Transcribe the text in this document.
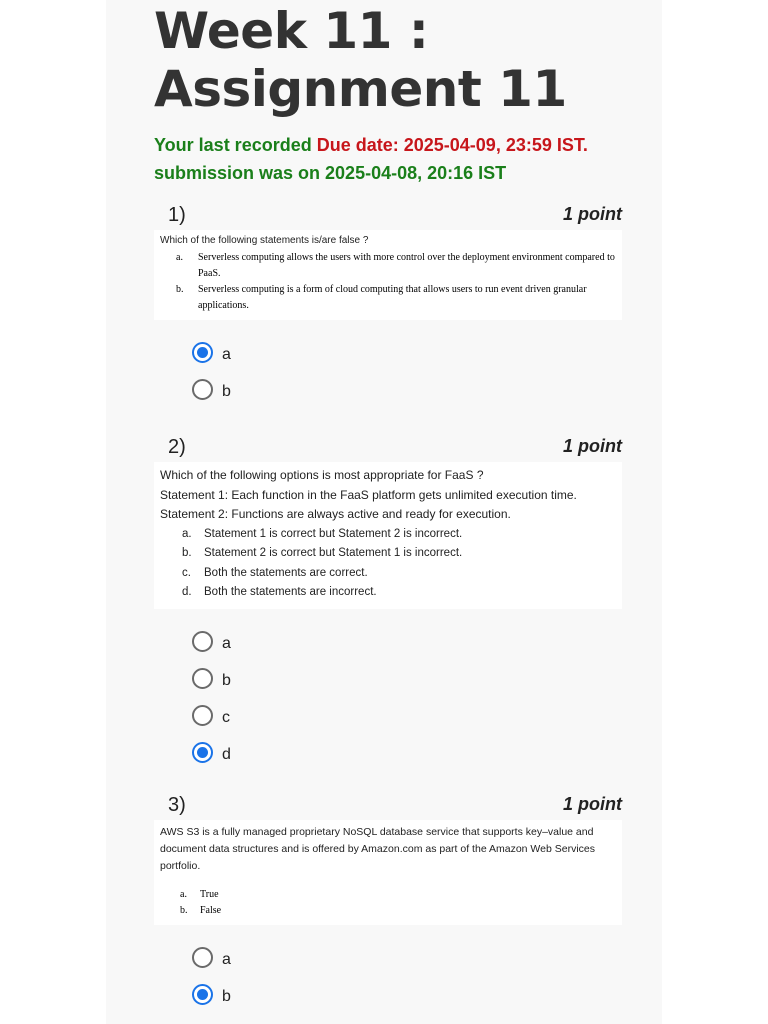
Week 11 :
Assignment 11
Your last recorded Due date: 2025-04-09, 23:59 IST.
submission was on 2025-04-08, 20:16 IST
1)	1 point
Which of the following statements is/are false ?
a. Serverless computing allows the users with more control over the deployment environment compared to PaaS.
b. Serverless computing is a form of cloud computing that allows users to run event driven granular applications.
a
b
2)	1 point
Which of the following options is most appropriate for FaaS ?
Statement 1: Each function in the FaaS platform gets unlimited execution time.
Statement 2: Functions are always active and ready for execution.
a. Statement 1 is correct but Statement 2 is incorrect.
b. Statement 2 is correct but Statement 1 is incorrect.
c. Both the statements are correct.
d. Both the statements are incorrect.
a
b
c
d
3)	1 point
AWS S3 is a fully managed proprietary NoSQL database service that supports key–value and document data structures and is offered by Amazon.com as part of the Amazon Web Services portfolio.
a. True
b. False
a
b
